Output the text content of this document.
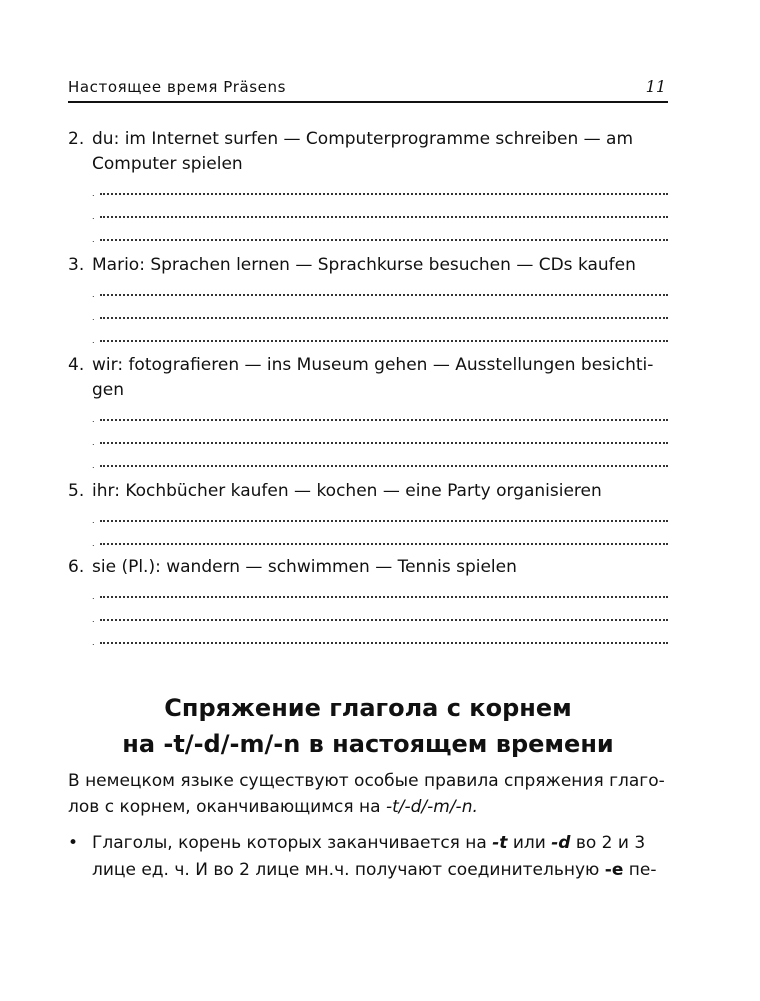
Настоящее время Präsens	11

2. du: im Internet surfen — Computerprogramme schreiben — am
Computer spielen

.
.
.

3. Mario: Sprachen lernen — Sprachkurse besuchen — CDs kaufen

.
.
.

4. wir: fotografieren — ins Museum gehen — Ausstellungen besichti-
gen

.
.
.

5. ihr: Kochbücher kaufen — kochen — eine Party organisieren

.
.

6. sie (Pl.): wandern — schwimmen — Tennis spielen

.
.
.
Спряжение глагола с корнем
на -t/-d/-m/-n в настоящем времени
В немецком языке существуют особые правила спряжения глаго-
лов с корнем, оканчивающимся на -t/-d/-m/-n.
• Глаголы, корень которых заканчивается на -t или -d во 2 и 3
лице ед. ч. И во 2 лице мн.ч. получают соединительную -e пе-
